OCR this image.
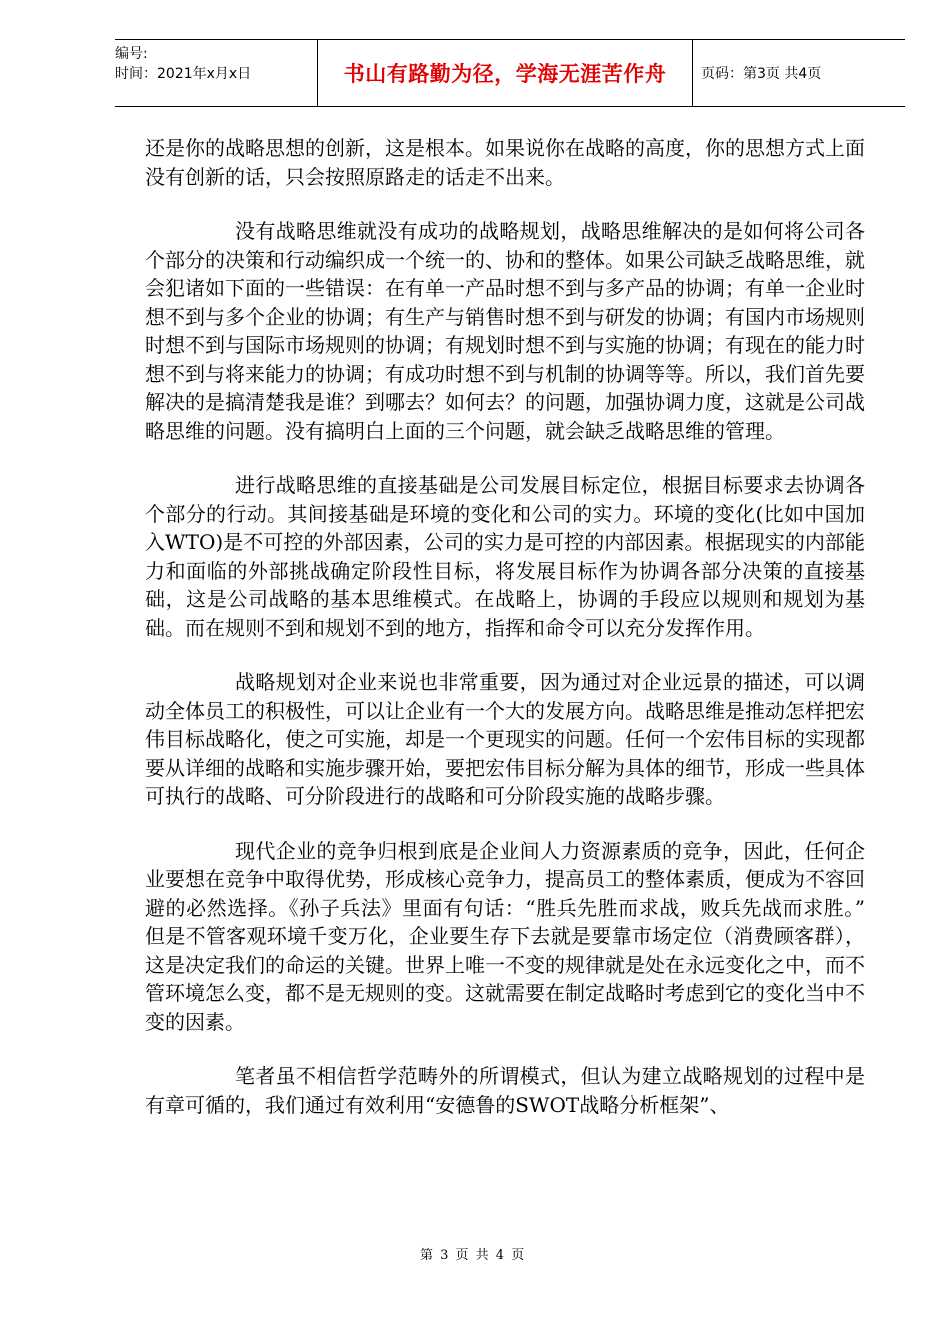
编号:
时间：2021年x月x日	书山有路勤为径，学海无涯苦作舟	页码：第3页 共4页

还是你的战略思想的创新，这是根本。如果说你在战略的高度，你的思想方式上面没有创新的话，只会按照原路走的话走不出来。

没有战略思维就没有成功的战略规划，战略思维解决的是如何将公司各个部分的决策和行动编织成一个统一的、协和的整体。如果公司缺乏战略思维，就会犯诸如下面的一些错误：在有单一产品时想不到与多产品的协调；有单一企业时想不到与多个企业的协调；有生产与销售时想不到与研发的协调；有国内市场规则时想不到与国际市场规则的协调；有规划时想不到与实施的协调；有现在的能力时想不到与将来能力的协调；有成功时想不到与机制的协调等等。所以，我们首先要解决的是搞清楚我是谁？到哪去？如何去？的问题，加强协调力度，这就是公司战略思维的问题。没有搞明白上面的三个问题，就会缺乏战略思维的管理。

进行战略思维的直接基础是公司发展目标定位，根据目标要求去协调各个部分的行动。其间接基础是环境的变化和公司的实力。环境的变化(比如中国加入WTO)是不可控的外部因素，公司的实力是可控的内部因素。根据现实的内部能力和面临的外部挑战确定阶段性目标，将发展目标作为协调各部分决策的直接基础，这是公司战略的基本思维模式。在战略上，协调的手段应以规则和规划为基础。而在规则不到和规划不到的地方，指挥和命令可以充分发挥作用。

战略规划对企业来说也非常重要，因为通过对企业远景的描述，可以调动全体员工的积极性，可以让企业有一个大的发展方向。战略思维是推动怎样把宏伟目标战略化，使之可实施，却是一个更现实的问题。任何一个宏伟目标的实现都要从详细的战略和实施步骤开始，要把宏伟目标分解为具体的细节，形成一些具体可执行的战略、可分阶段进行的战略和可分阶段实施的战略步骤。

现代企业的竞争归根到底是企业间人力资源素质的竞争，因此，任何企业要想在竞争中取得优势，形成核心竞争力，提高员工的整体素质，便成为不容回避的必然选择。《孙子兵法》里面有句话：“胜兵先胜而求战，败兵先战而求胜。”　但是不管客观环境千变万化，企业要生存下去就是要靠市场定位（消费顾客群），这是决定我们的命运的关键。世界上唯一不变的规律就是处在永远变化之中，而不管环境怎么变，都不是无规则的变。这就需要在制定战略时考虑到它的变化当中不变的因素。

笔者虽不相信哲学范畴外的所谓模式，但认为建立战略规划的过程中是有章可循的，我们通过有效利用“安德鲁的SWOT战略分析框架”、

第 3 页 共 4 页
